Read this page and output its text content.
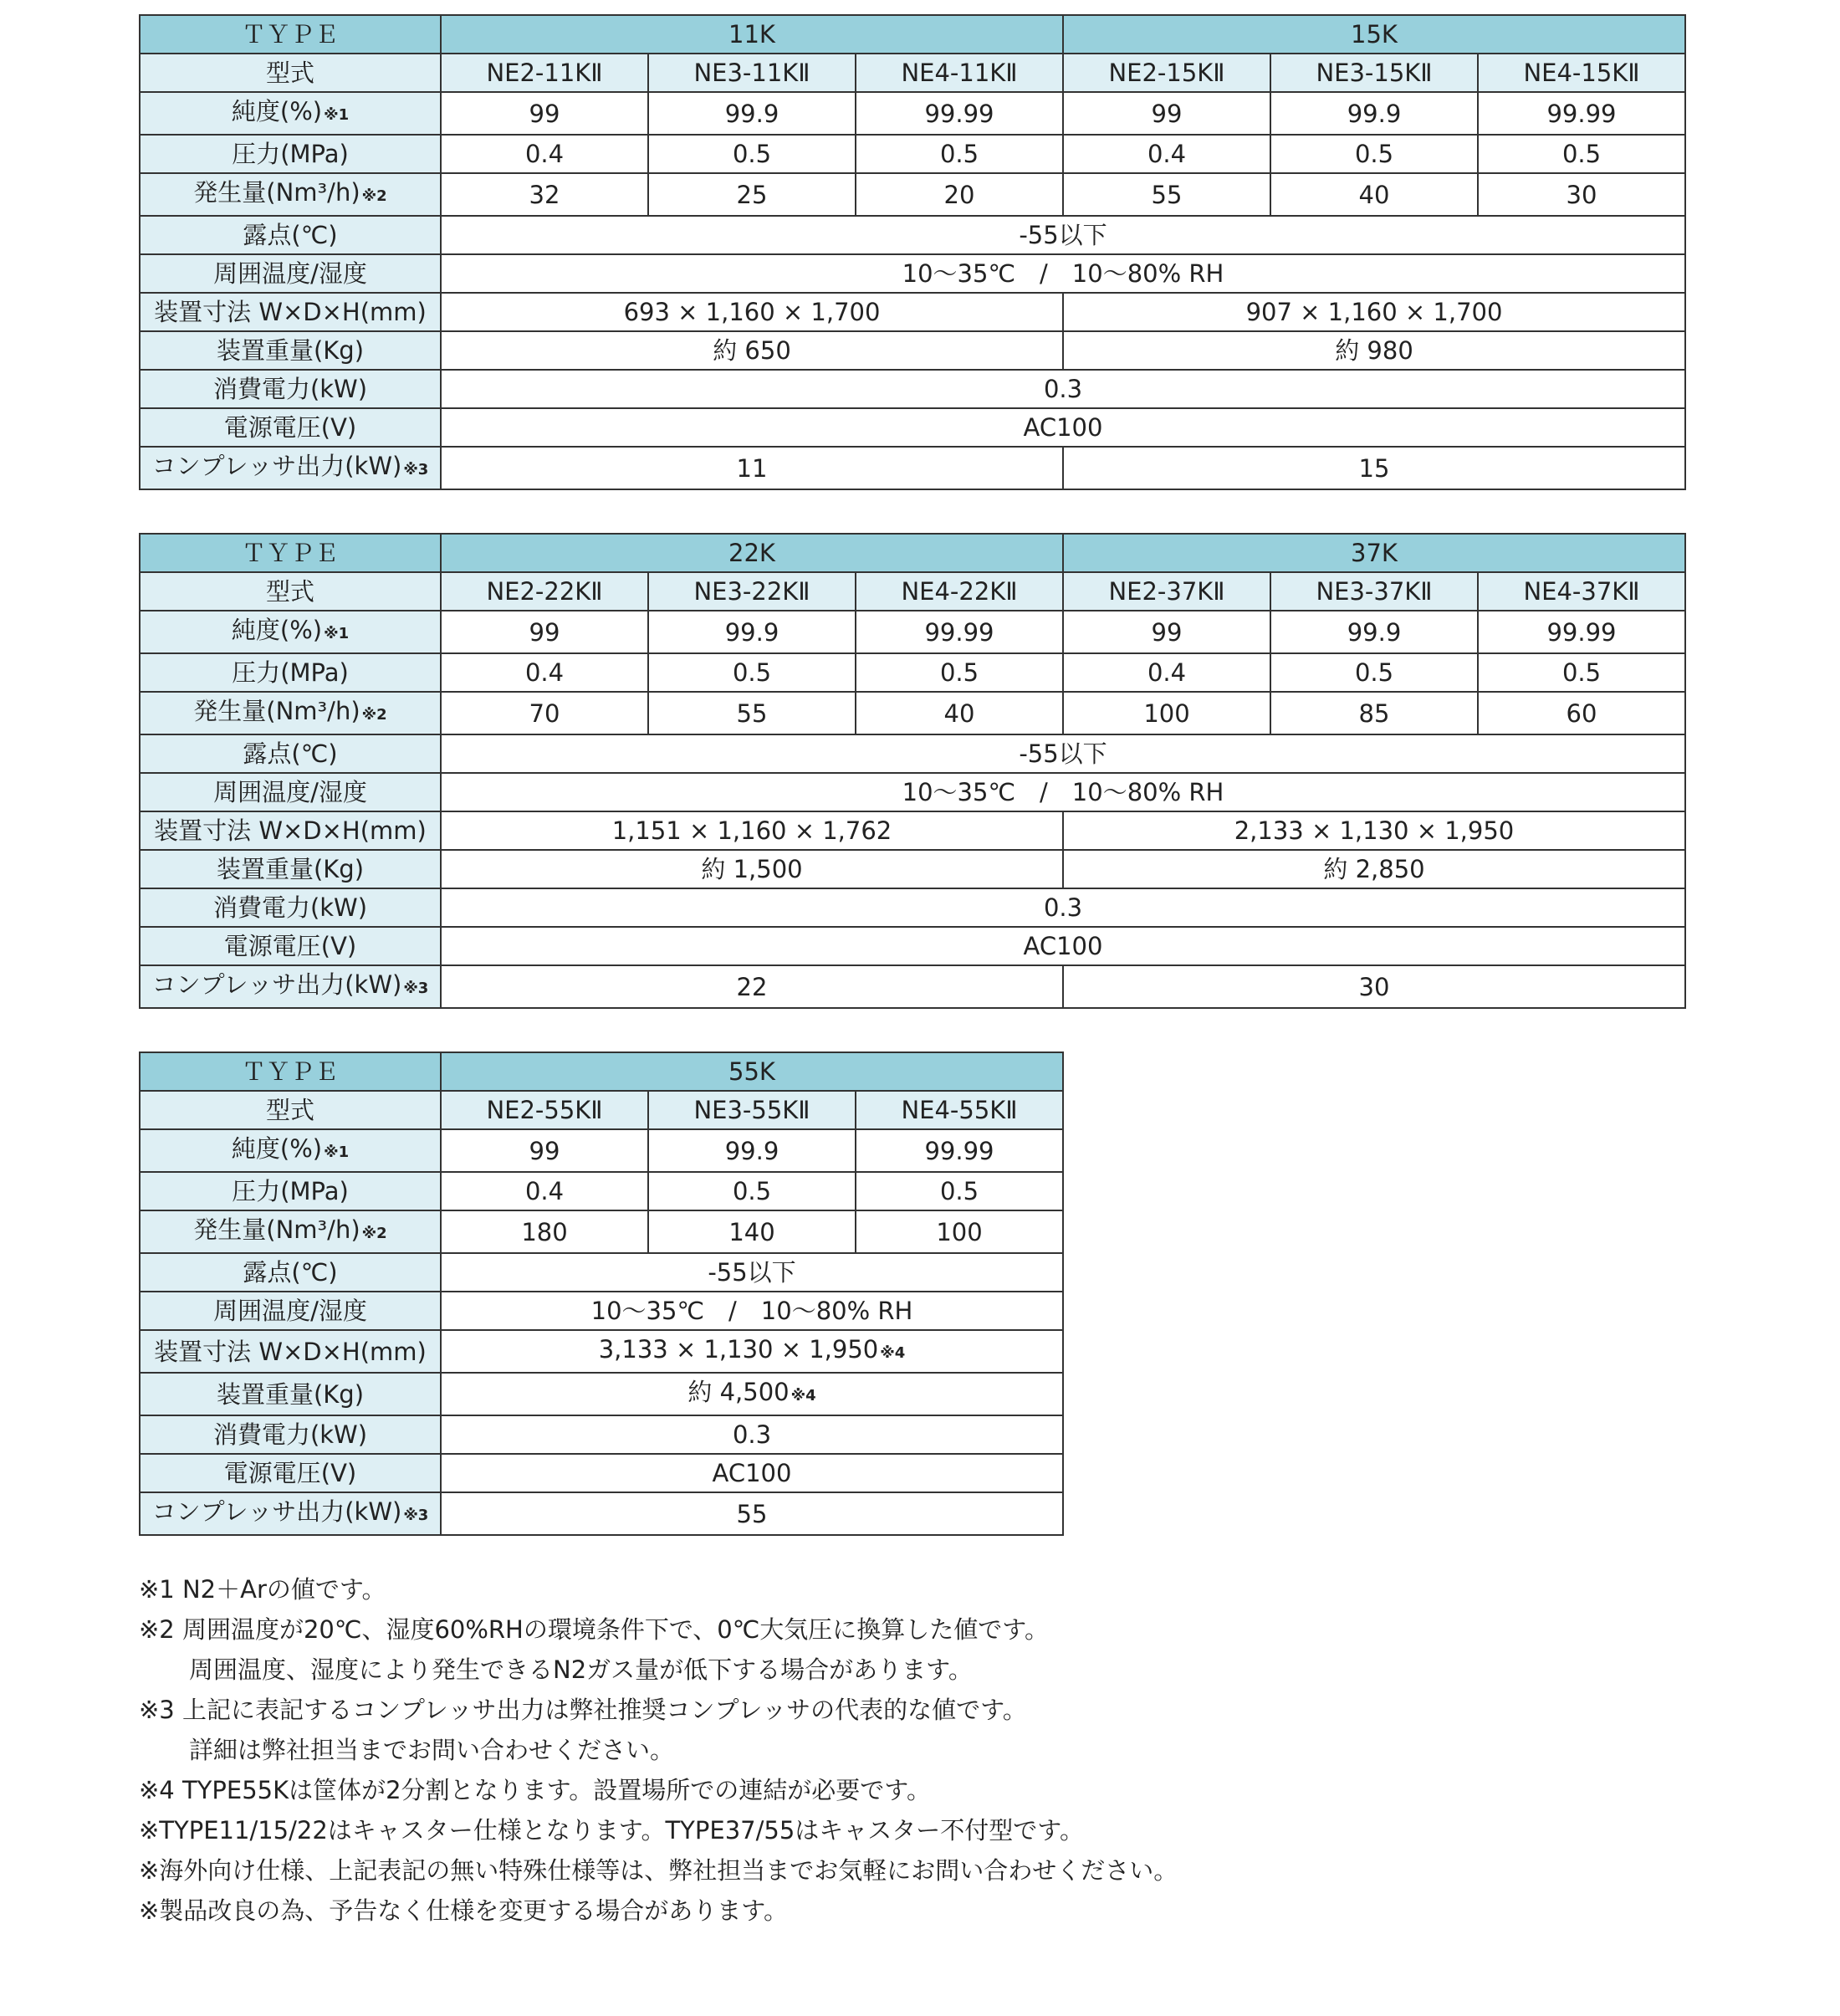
ＴＹＰＥ	11K			15K		
型式	NE2-11KⅡ	NE3-11KⅡ	NE4-11KⅡ	NE2-15KⅡ	NE3-15KⅡ	NE4-15KⅡ
純度(%) ※1	99	99.9	99.99	99	99.9	99.99
圧力(MPa)	0.4	0.5	0.5	0.4	0.5	0.5
発生量(Nm³/h) ※2	32	25	20	55	40	30
露点(℃)	-55以下					
周囲温度/湿度	10～35℃　/　10～80% RH					
装置寸法 W×D×H(mm)	693 × 1,160 × 1,700			907 × 1,160 × 1,700		
装置重量(Kg)	約 650			約 980		
消費電力(kW)	0.3					
電源電圧(V)	AC100					
コンプレッサ出力(kW) ※3	11			15		
ＴＹＰＥ	22K			37K		
型式	NE2-22KⅡ	NE3-22KⅡ	NE4-22KⅡ	NE2-37KⅡ	NE3-37KⅡ	NE4-37KⅡ
純度(%) ※1	99	99.9	99.99	99	99.9	99.99
圧力(MPa)	0.4	0.5	0.5	0.4	0.5	0.5
発生量(Nm³/h) ※2	70	55	40	100	85	60
露点(℃)	-55以下					
周囲温度/湿度	10～35℃　/　10～80% RH					
装置寸法 W×D×H(mm)	1,151 × 1,160 × 1,762			2,133 × 1,130 × 1,950		
装置重量(Kg)	約 1,500			約 2,850		
消費電力(kW)	0.3					
電源電圧(V)	AC100					
コンプレッサ出力(kW) ※3	22			30		
ＴＹＰＥ	55K		
型式	NE2-55KⅡ	NE3-55KⅡ	NE4-55KⅡ
純度(%) ※1	99	99.9	99.99
圧力(MPa)	0.4	0.5	0.5
発生量(Nm³/h) ※2	180	140	100
露点(℃)	-55以下		
周囲温度/湿度	10～35℃　/　10～80% RH		
装置寸法 W×D×H(mm)	3,133 × 1,130 × 1,950 ※4		
装置重量(Kg)	約 4,500 ※4		
消費電力(kW)	0.3		
電源電圧(V)	AC100		
コンプレッサ出力(kW) ※3	55		
※1 N2＋Arの値です。
※2 周囲温度が20℃、湿度60%RHの環境条件下で、0℃大気圧に換算した値です。
周囲温度、湿度により発生できるN2ガス量が低下する場合があります。
※3 上記に表記するコンプレッサ出力は弊社推奨コンプレッサの代表的な値です。
詳細は弊社担当までお問い合わせください。
※4 TYPE55Kは筐体が2分割となります。設置場所での連結が必要です。
※TYPE11/15/22はキャスター仕様となります。TYPE37/55はキャスター不付型です。
※海外向け仕様、上記表記の無い特殊仕様等は、弊社担当までお気軽にお問い合わせください。
※製品改良の為、予告なく仕様を変更する場合があります。
